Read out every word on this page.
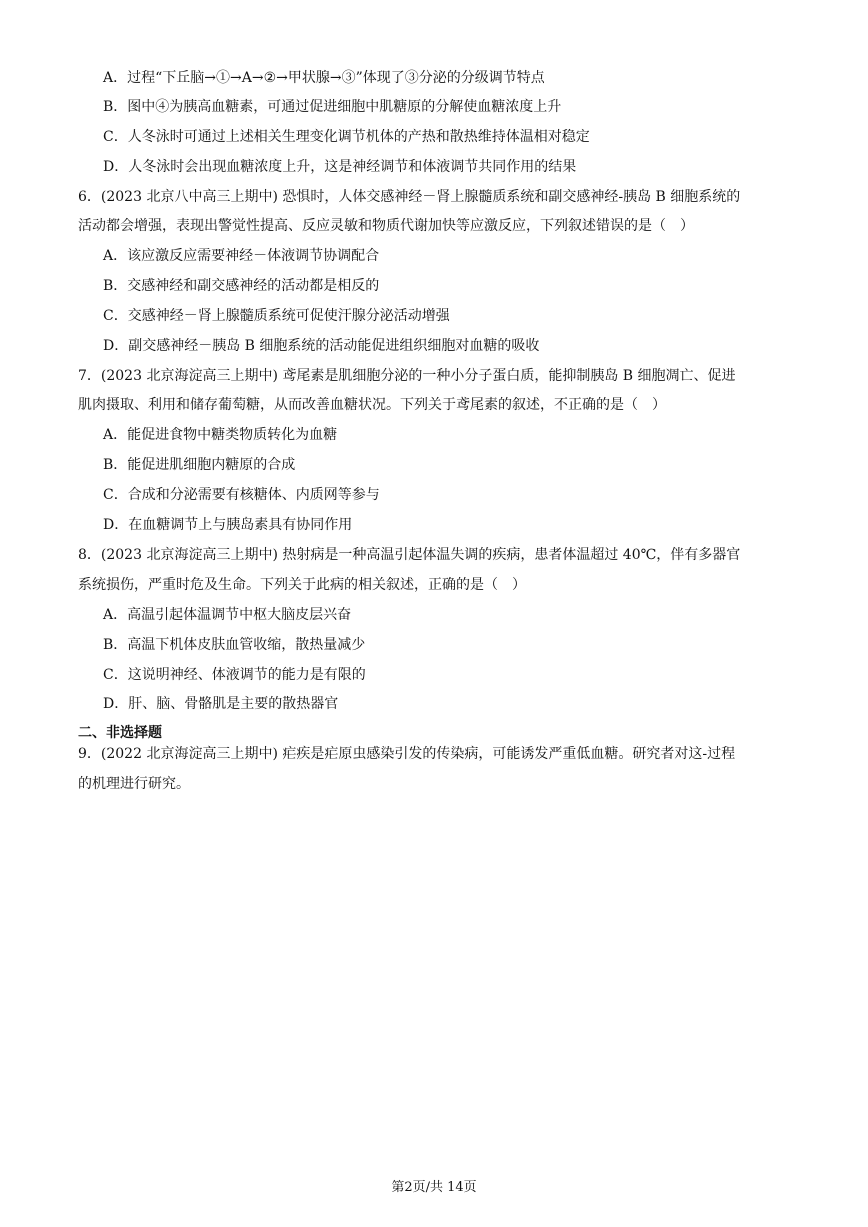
A．过程“下丘脑→①→A→②→甲状腺→③”体现了③分泌的分级调节特点
B．图中④为胰高血糖素，可通过促进细胞中肌糖原的分解使血糖浓度上升
C．人冬泳时可通过上述相关生理变化调节机体的产热和散热维持体温相对稳定
D．人冬泳时会出现血糖浓度上升，这是神经调节和体液调节共同作用的结果
6．(2023 北京八中高三上期中) 恐惧时，人体交感神经－肾上腺髓质系统和副交感神经-胰岛 B 细胞系统的
活动都会增强，表现出警觉性提高、反应灵敏和物质代谢加快等应激反应，下列叙述错误的是（　）
A．该应激反应需要神经－体液调节协调配合
B．交感神经和副交感神经的活动都是相反的
C．交感神经－肾上腺髓质系统可促使汗腺分泌活动增强
D．副交感神经－胰岛 B 细胞系统的活动能促进组织细胞对血糖的吸收
7．(2023 北京海淀高三上期中) 鸢尾素是肌细胞分泌的一种小分子蛋白质，能抑制胰岛 B 细胞凋亡、促进
肌肉摄取、利用和储存葡萄糖，从而改善血糖状况。下列关于鸢尾素的叙述，不正确的是（　）
A．能促进食物中糖类物质转化为血糖
B．能促进肌细胞内糖原的合成
C．合成和分泌需要有核糖体、内质网等参与
D．在血糖调节上与胰岛素具有协同作用
8．(2023 北京海淀高三上期中) 热射病是一种高温引起体温失调的疾病，患者体温超过 40℃，伴有多器官
系统损伤，严重时危及生命。下列关于此病的相关叙述，正确的是（　）
A．高温引起体温调节中枢大脑皮层兴奋
B．高温下机体皮肤血管收缩，散热量减少
C．这说明神经、体液调节的能力是有限的
D．肝、脑、骨骼肌是主要的散热器官
二、非选择题
9．(2022 北京海淀高三上期中) 疟疾是疟原虫感染引发的传染病，可能诱发严重低血糖。研究者对这-过程
的机理进行研究。
第2页/共 14页
